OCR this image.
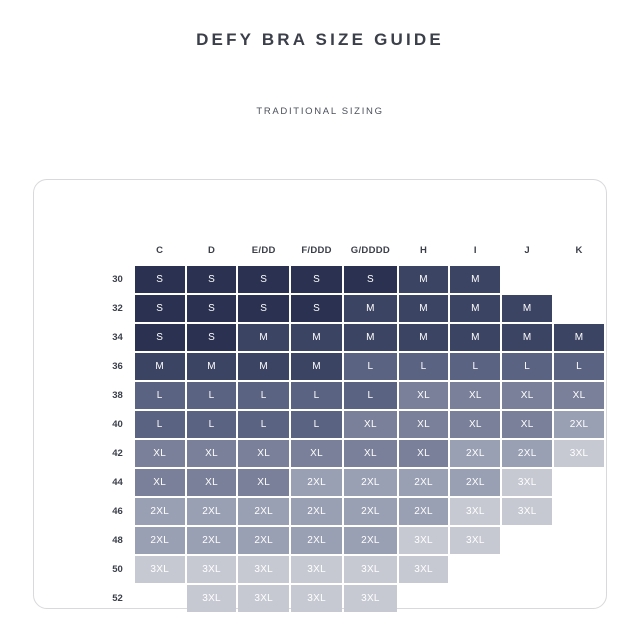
DEFY BRA SIZE GUIDE
TRADITIONAL SIZING
	C	D	E/DD	F/DDD	G/DDDD	H	I	J	K
30	S	S	S	S	S	M	M		
32	S	S	S	S	M	M	M	M	
34	S	S	M	M	M	M	M	M	M
36	M	M	M	M	L	L	L	L	L
38	L	L	L	L	L	XL	XL	XL	XL
40	L	L	L	L	XL	XL	XL	XL	2XL
42	XL	XL	XL	XL	XL	XL	2XL	2XL	3XL
44	XL	XL	XL	2XL	2XL	2XL	2XL	3XL	
46	2XL	2XL	2XL	2XL	2XL	2XL	3XL	3XL	
48	2XL	2XL	2XL	2XL	2XL	3XL	3XL		
50	3XL	3XL	3XL	3XL	3XL	3XL			
52		3XL	3XL	3XL	3XL				
